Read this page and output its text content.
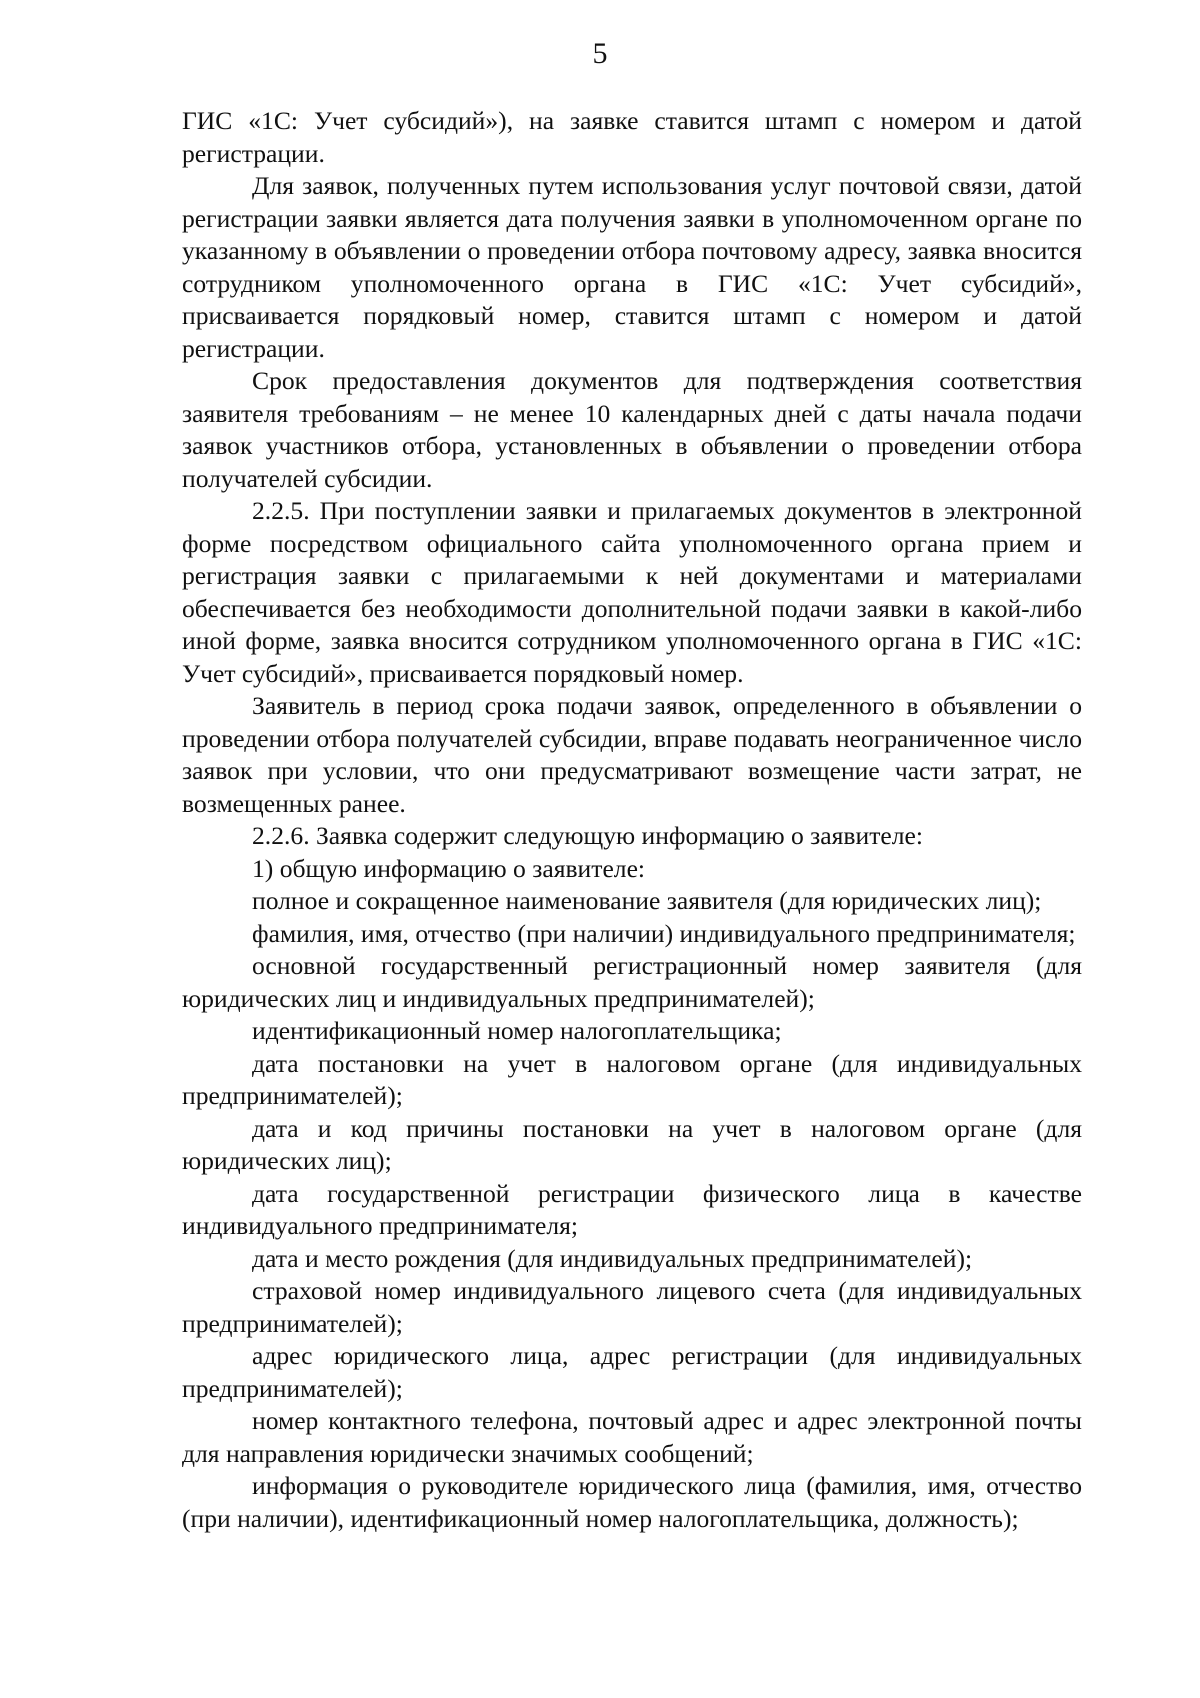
5

ГИС «1С: Учет субсидий»), на заявке ставится штамп с номером и датой регистрации.

Для заявок, полученных путем использования услуг почтовой связи, датой регистрации заявки является дата получения заявки в уполномоченном органе по указанному в объявлении о проведении отбора почтовому адресу, заявка вносится сотрудником уполномоченного органа в ГИС «1С: Учет субсидий», присваивается порядковый номер, ставится штамп с номером и датой регистрации.

Срок предоставления документов для подтверждения соответствия заявителя требованиям – не менее 10 календарных дней с даты начала подачи заявок участников отбора, установленных в объявлении о проведении отбора получателей субсидии.

2.2.5. При поступлении заявки и прилагаемых документов в электронной форме посредством официального сайта уполномоченного органа прием и регистрация заявки с прилагаемыми к ней документами и материалами обеспечивается без необходимости дополнительной подачи заявки в какой-либо иной форме, заявка вносится сотрудником уполномоченного органа в ГИС «1С: Учет субсидий», присваивается порядковый номер.

Заявитель в период срока подачи заявок, определенного в объявлении о проведении отбора получателей субсидии, вправе подавать неограниченное число заявок при условии, что они предусматривают возмещение части затрат, не возмещенных ранее.

2.2.6. Заявка содержит следующую информацию о заявителе:

1) общую информацию о заявителе:

полное и сокращенное наименование заявителя (для юридических лиц);

фамилия, имя, отчество (при наличии) индивидуального предпринимателя;

основной государственный регистрационный номер заявителя (для юридических лиц и индивидуальных предпринимателей);

идентификационный номер налогоплательщика;

дата постановки на учет в налоговом органе (для индивидуальных предпринимателей);

дата и код причины постановки на учет в налоговом органе (для юридических лиц);

дата государственной регистрации физического лица в качестве индивидуального предпринимателя;

дата и место рождения (для индивидуальных предпринимателей);

страховой номер индивидуального лицевого счета (для индивидуальных предпринимателей);

адрес юридического лица, адрес регистрации (для индивидуальных предпринимателей);

номер контактного телефона, почтовый адрес и адрес электронной почты для направления юридически значимых сообщений;

информация о руководителе юридического лица (фамилия, имя, отчество (при наличии), идентификационный номер налогоплательщика, должность);
